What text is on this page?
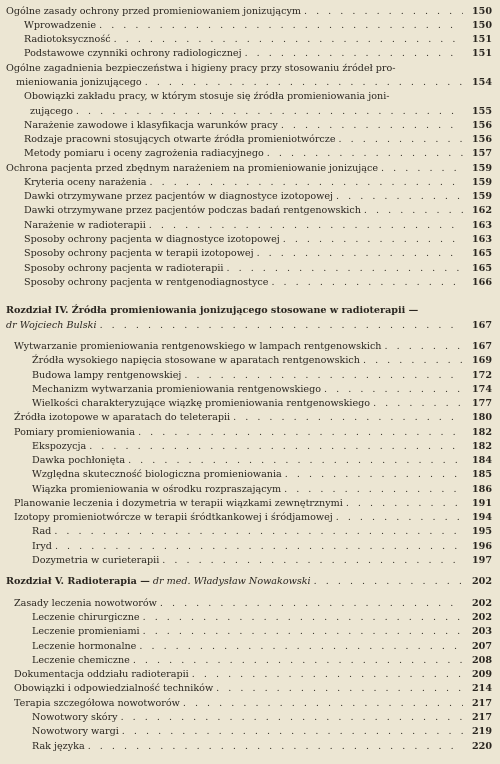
Ogólne zasady ochrony przed promieniowaniem jonizującym . . .	150
Wprowadzenie . . .	150
Radiotoksyczność . . .	151
Podstawowe czynniki ochrony radiologicznej . . .	151
Ogólne zagadnienia bezpieczeństwa i higieny pracy przy stosowaniu źródeł pro-
mieniowania jonizującego . . .	154
Obowiązki zakładu pracy, w którym stosuje się źródła promieniowania joni-
zującego . . .	155
Narażenie zawodowe i klasyfikacja warunków pracy . . .	156
Rodzaje pracowni stosujących otwarte źródła promieniotwórcze . . .	156
Metody pomiaru i oceny zagrożenia radiacyjnego . . .	157
Ochrona pacjenta przed zbędnym narażeniem na promieniowanie jonizujące . . .	159
Kryteria oceny narażenia . . .	159
Dawki otrzymywane przez pacjentów w diagnostyce izotopowej . . .	159
Dawki otrzymywane przez pacjentów podczas badań rentgenowskich . . .	162
Narażenie w radioterapii . . .	163
Sposoby ochrony pacjenta w diagnostyce izotopowej . . .	163
Sposoby ochrony pacjenta w terapii izotopowej . . .	165
Sposoby ochrony pacjenta w radioterapii . . .	165
Sposoby ochrony pacjenta w rentgenodiagnostyce . . .	166
Rozdział IV. Źródła promieniowania jonizującego stosowane w radioterapii —
dr Wojciech Bulski . . .	167
Wytwarzanie promieniowania rentgenowskiego w lampach rentgenowskich . . .	167
Źródła wysokiego napięcia stosowane w aparatach rentgenowskich . . .	169
Budowa lampy rentgenowskiej . . .	172
Mechanizm wytwarzania promieniowania rentgenowskiego . . .	174
Wielkości charakteryzujące wiązkę promieniowania rentgenowskiego . . .	177
Źródła izotopowe w aparatach do teleterapii . . .	180
Pomiary promieniowania . . .	182
Ekspozycja . . .	182
Dawka pochłonięta . . .	184
Względna skuteczność biologiczna promieniowania . . .	185
Wiązka promieniowania w ośrodku rozpraszającym . . .	186
Planowanie leczenia i dozymetria w terapii wiązkami zewnętrznymi . . .	191
Izotopy promieniotwórcze w terapii śródtkankowej i śródjamowej . . .	194
Rad . . .	195
Iryd . . .	196
Dozymetria w curieterapii . . .	197
Rozdział V. Radioterapia — dr med. Władysław Nowakowski . . .	202
Zasady leczenia nowotworów . . .	202
Leczenie chirurgiczne . . .	202
Leczenie promieniami . . .	203
Leczenie hormonalne . . .	207
Leczenie chemiczne . . .	208
Dokumentacja oddziału radioterapii . . .	209
Obowiązki i odpowiedzialność techników . . .	214
Terapia szczegółowa nowotworów . . .	217
Nowotwory skóry . . .	217
Nowotwory wargi . . .	219
Rak języka . . .	220
